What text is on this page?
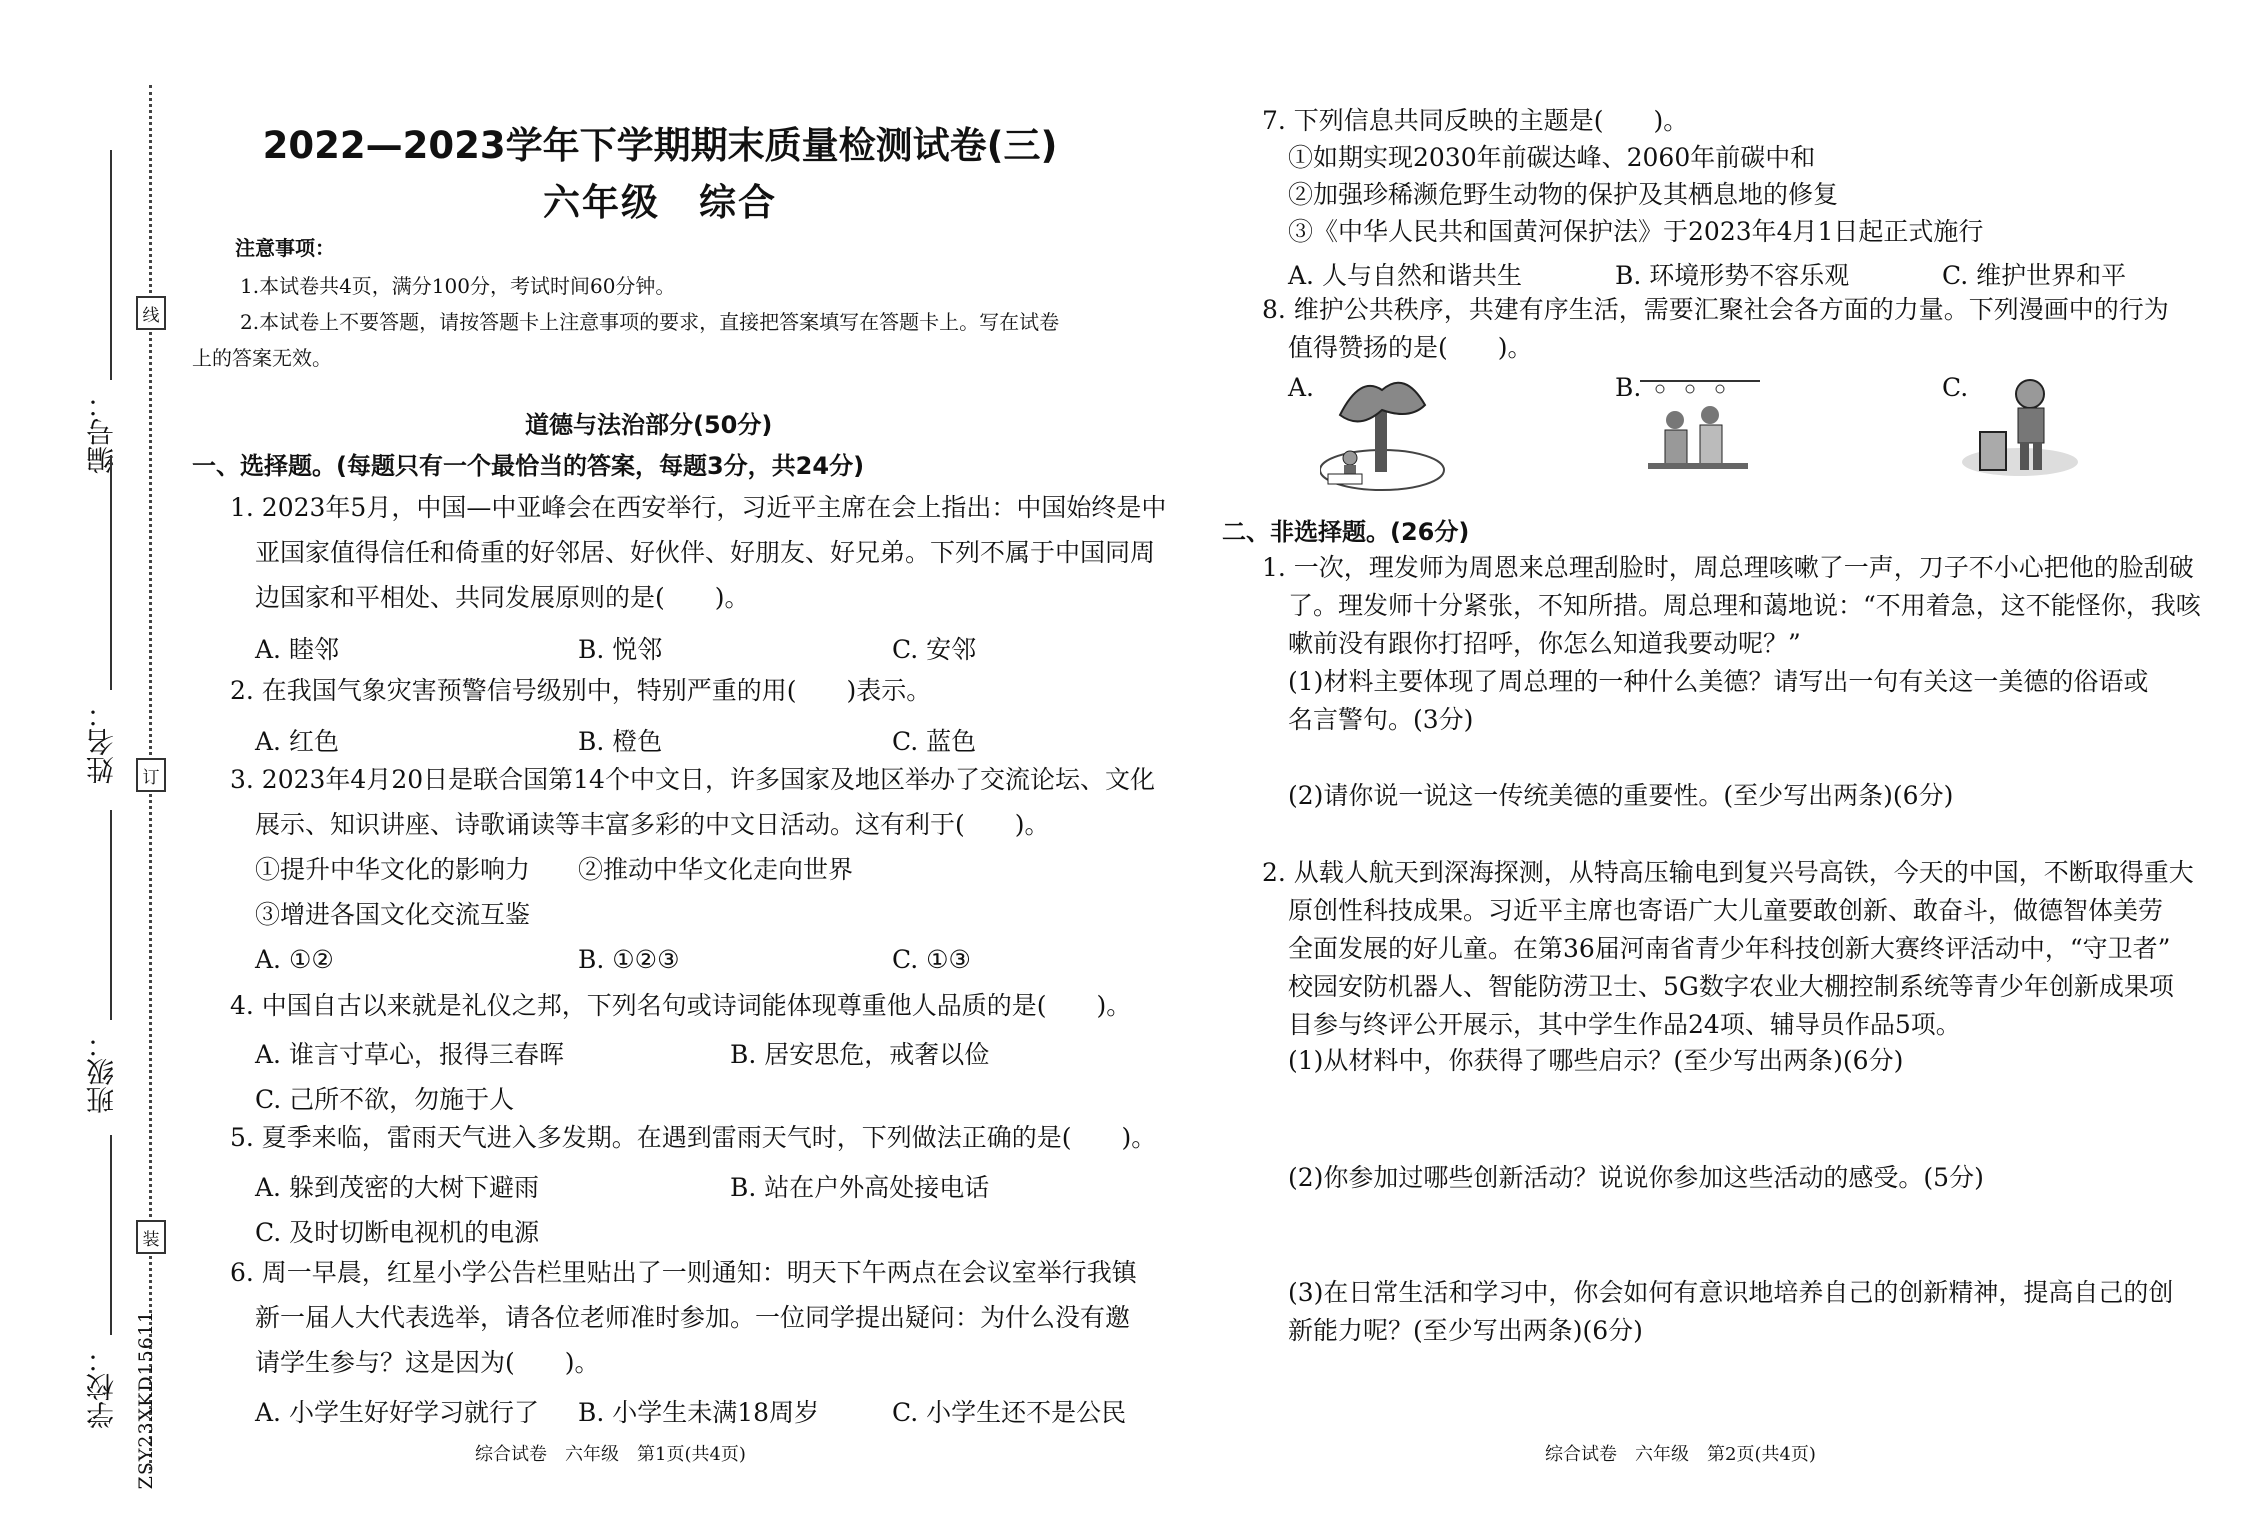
线
订
装
编号：
姓名：
班级：
学校： ZSY23XKD15611
2022—2023学年下学期期末质量检测试卷(三)
六年级　综合
注意事项：
1.本试卷共4页，满分100分，考试时间60分钟。
2.本试卷上不要答题，请按答题卡上注意事项的要求，直接把答案填写在答题卡上。写在试卷
上的答案无效。
道德与法治部分(50分)
一、选择题。(每题只有一个最恰当的答案，每题3分，共24分)
1. 2023年5月，中国—中亚峰会在西安举行，习近平主席在会上指出：中国始终是中
亚国家值得信任和倚重的好邻居、好伙伴、好朋友、好兄弟。下列不属于中国同周
边国家和平相处、共同发展原则的是(　　)。
A. 睦邻	B. 悦邻	C. 安邻
2. 在我国气象灾害预警信号级别中，特别严重的用(　　)表示。
A. 红色	B. 橙色	C. 蓝色
3. 2023年4月20日是联合国第14个中文日，许多国家及地区举办了交流论坛、文化
展示、知识讲座、诗歌诵读等丰富多彩的中文日活动。这有利于(　　)。
①提升中华文化的影响力 ②推动中华文化走向世界
③增进各国文化交流互鉴
A. ①②	B. ①②③	C. ①③
4. 中国自古以来就是礼仪之邦，下列名句或诗词能体现尊重他人品质的是(　　)。
A. 谁言寸草心，报得三春晖	B. 居安思危，戒奢以俭
C. 己所不欲，勿施于人
5. 夏季来临，雷雨天气进入多发期。在遇到雷雨天气时，下列做法正确的是(　　)。
A. 躲到茂密的大树下避雨	B. 站在户外高处接电话
C. 及时切断电视机的电源
6. 周一早晨，红星小学公告栏里贴出了一则通知：明天下午两点在会议室举行我镇
新一届人大代表选举，请各位老师准时参加。一位同学提出疑问：为什么没有邀
请学生参与？这是因为(　　)。
A. 小学生好好学习就行了 B. 小学生未满18周岁	C. 小学生还不是公民
综合试卷　六年级　第1页(共4页)
7. 下列信息共同反映的主题是(　　)。
①如期实现2030年前碳达峰、2060年前碳中和
②加强珍稀濒危野生动物的保护及其栖息地的修复
③《中华人民共和国黄河保护法》于2023年4月1日起正式施行
A. 人与自然和谐共生	B. 环境形势不容乐观	C. 维护世界和平
8. 维护公共秩序，共建有序生活，需要汇聚社会各方面的力量。下列漫画中的行为
值得赞扬的是(　　)。
A.	B.	C.
二、非选择题。(26分)
1. 一次，理发师为周恩来总理刮脸时，周总理咳嗽了一声，刀子不小心把他的脸刮破
了。理发师十分紧张，不知所措。周总理和蔼地说：“不用着急，这不能怪你，我咳
嗽前没有跟你打招呼，你怎么知道我要动呢？”
(1)材料主要体现了周总理的一种什么美德？请写出一句有关这一美德的俗语或
名言警句。(3分)
(2)请你说一说这一传统美德的重要性。(至少写出两条)(6分)
2. 从载人航天到深海探测，从特高压输电到复兴号高铁，今天的中国，不断取得重大
原创性科技成果。习近平主席也寄语广大儿童要敢创新、敢奋斗，做德智体美劳
全面发展的好儿童。在第36届河南省青少年科技创新大赛终评活动中，“守卫者”
校园安防机器人、智能防涝卫士、5G数字农业大棚控制系统等青少年创新成果项
目参与终评公开展示，其中学生作品24项、辅导员作品5项。
(1)从材料中，你获得了哪些启示？(至少写出两条)(6分)
(2)你参加过哪些创新活动？说说你参加这些活动的感受。(5分)
(3)在日常生活和学习中，你会如何有意识地培养自己的创新精神，提高自己的创
新能力呢？(至少写出两条)(6分)
综合试卷　六年级　第2页(共4页)
